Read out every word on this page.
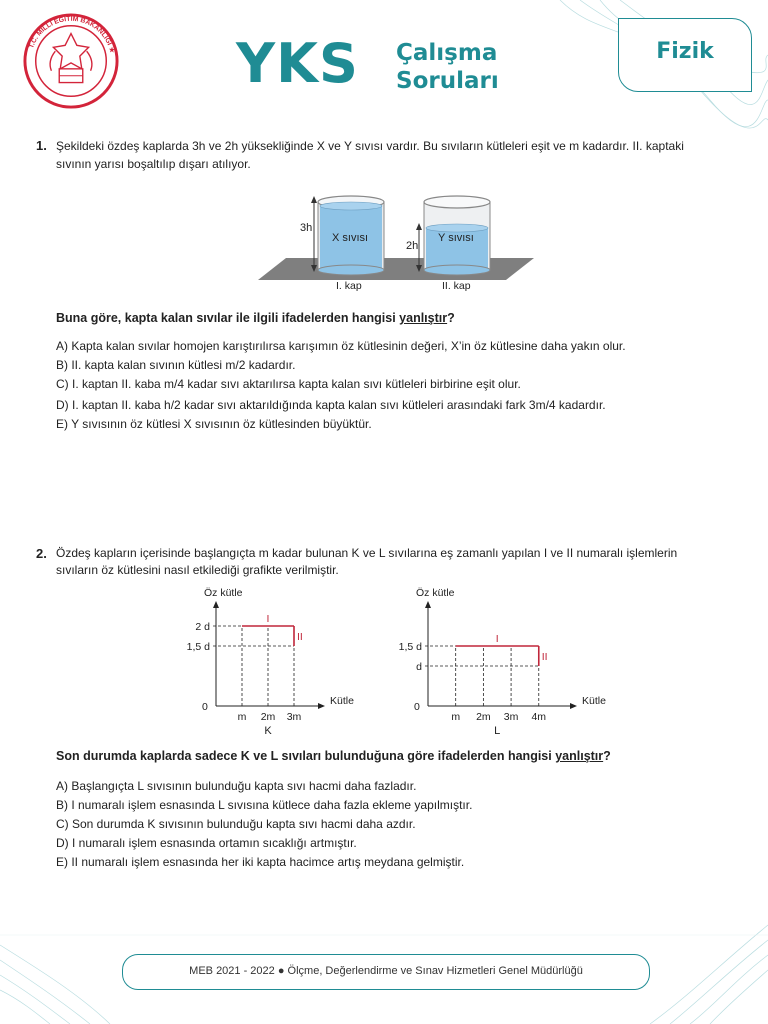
T.C. MİLLÎ EĞİTİM BAKANLIĞI ★ YKS Çalışma
Soruları
Fizik
1. Şekildeki özdeş kaplarda 3h ve 2h yüksekliğinde X ve Y sıvısı vardır. Bu sıvıların kütleleri eşit ve m kadardır. II. kaptaki
sıvının yarısı boşaltılıp dışarı atılıyor.
3h
2h
X sıvısı	Y sıvısı
I. kap	II. kap
Buna göre, kapta kalan sıvılar ile ilgili ifadelerden hangisi yanlıştır?
A) Kapta kalan sıvılar homojen karıştırılırsa karışımın öz kütlesinin değeri, X’in öz kütlesine daha yakın olur.
B) II. kapta kalan sıvının kütlesi m/2 kadardır.
C) I. kaptan II. kaba m/4 kadar sıvı aktarılırsa kapta kalan sıvı kütleleri birbirine eşit olur.
D) I. kaptan II. kaba h/2 kadar sıvı aktarıldığında kapta kalan sıvı kütleleri arasındaki fark 3m/4 kadardır.
E) Y sıvısının öz kütlesi X sıvısının öz kütlesinden büyüktür.
2. Özdeş kapların içerisinde başlangıçta m kadar bulunan K ve L sıvılarına eş zamanlı yapılan I ve II numaralı işlemlerin
sıvıların öz kütlesini nasıl etkilediği grafikte verilmiştir.
Öz kütle
Kütle
0
2 d
1,5 d
m 2m 3m
I
II
K
Öz kütle
Kütle
0
1,5 d
d
m 2m 3m 4m
I
II
L
Son durumda kaplarda sadece K ve L sıvıları bulunduğuna göre ifadelerden hangisi yanlıştır?
A) Başlangıçta L sıvısının bulunduğu kapta sıvı hacmi daha fazladır.
B) I numaralı işlem esnasında L sıvısına kütlece daha fazla ekleme yapılmıştır.
C) Son durumda K sıvısının bulunduğu kapta sıvı hacmi daha azdır.
D) I numaralı işlem esnasında ortamın sıcaklığı artmıştır.
E) II numaralı işlem esnasında her iki kapta hacimce artış meydana gelmiştir.
MEB 2021 - 2022 ● Ölçme, Değerlendirme ve Sınav Hizmetleri Genel Müdürlüğü
